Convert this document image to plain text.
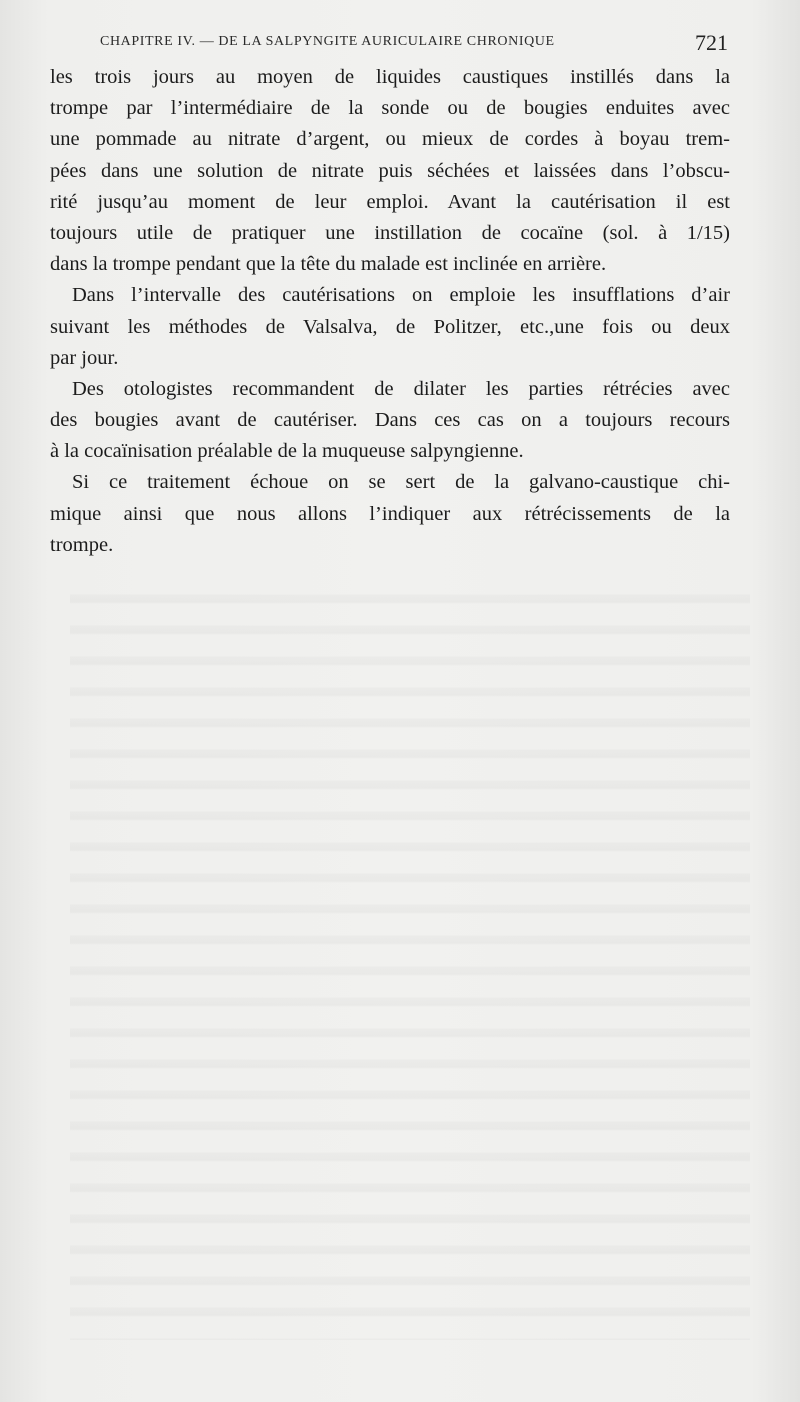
CHAPITRE IV. — DE LA SALPYNGITE AURICULAIRE CHRONIQUE	721
les trois jours au moyen de liquides caustiques instillés dans la
trompe par l’intermédiaire de la sonde ou de bougies enduites avec
une pommade au nitrate d’argent, ou mieux de cordes à boyau trem-
pées dans une solution de nitrate puis séchées et laissées dans l’obscu-
rité jusqu’au moment de leur emploi. Avant la cautérisation il est
toujours utile de pratiquer une instillation de cocaïne (sol. à 1/15)
dans la trompe pendant que la tête du malade est inclinée en arrière.
Dans l’intervalle des cautérisations on emploie les insufflations d’air
suivant les méthodes de Valsalva, de Politzer, etc.,une fois ou deux
par jour.
Des otologistes recommandent de dilater les parties rétrécies avec
des bougies avant de cautériser. Dans ces cas on a toujours recours
à la cocaïnisation préalable de la muqueuse salpyngienne.
Si ce traitement échoue on se sert de la galvano-caustique chi-
mique ainsi que nous allons l’indiquer aux rétrécissements de la
trompe.
